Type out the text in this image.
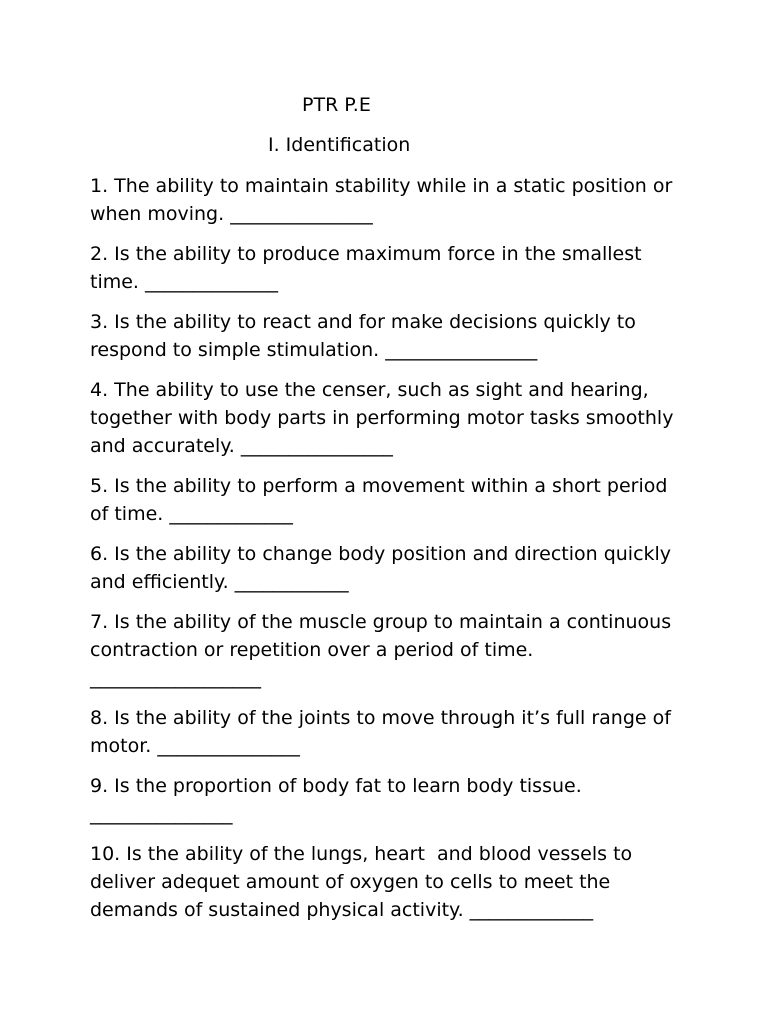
PTR P.E
I. Identification
1. The ability to maintain stability while in a static position or when moving. _______________
2. Is the ability to produce maximum force in the smallest time. ______________
3. Is the ability to react and for make decisions quickly to respond to simple stimulation. ________________
4. The ability to use the censer, such as sight and hearing, together with body parts in performing motor tasks smoothly and accurately. ________________
5. Is the ability to perform a movement within a short period of time. _____________
6. Is the ability to change body position and direction quickly and efficiently. ____________
7. Is the ability of the muscle group to maintain a continuous contraction or repetition over a period of time. __________________
8. Is the ability of the joints to move through it’s full range of motor. _______________
9. Is the proportion of body fat to learn body tissue. _______________
10. Is the ability of the lungs, heart  and blood vessels to deliver adequet amount of oxygen to cells to meet the demands of sustained physical activity. _____________
